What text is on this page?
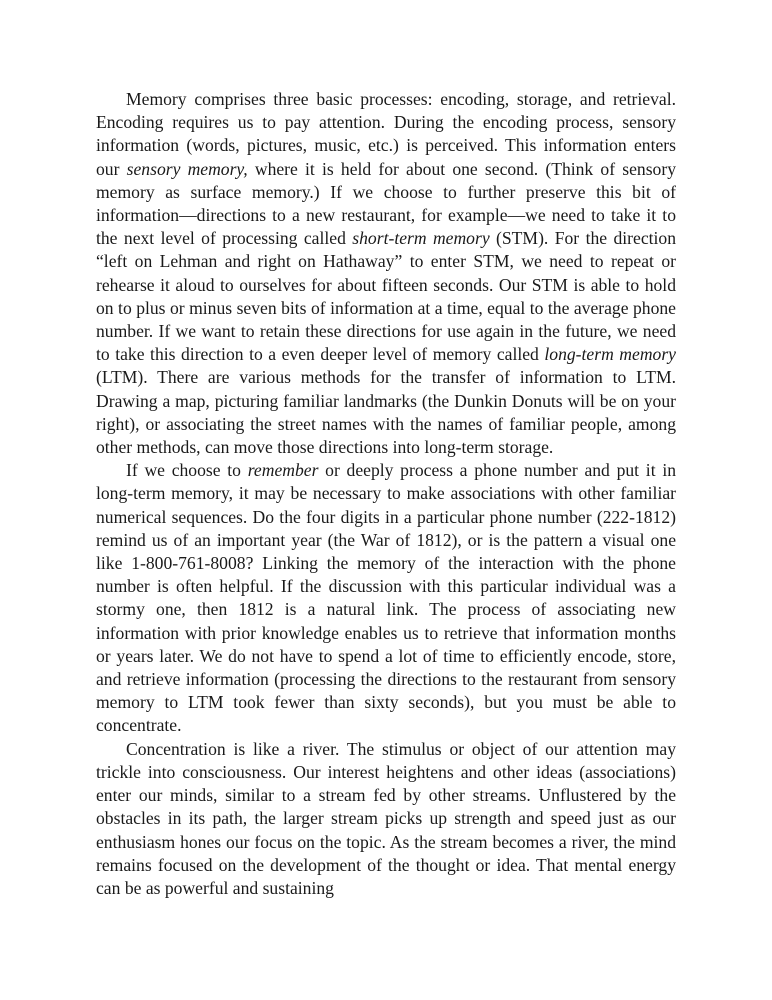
Memory comprises three basic processes: encoding, storage, and retrieval. Encoding requires us to pay attention. During the encoding process, sensory information (words, pictures, music, etc.) is perceived. This information enters our sensory memory, where it is held for about one second. (Think of sensory memory as surface memory.) If we choose to further preserve this bit of information—directions to a new restaurant, for example—we need to take it to the next level of processing called short-term memory (STM). For the direction “left on Lehman and right on Hathaway” to enter STM, we need to repeat or rehearse it aloud to ourselves for about fifteen seconds. Our STM is able to hold on to plus or minus seven bits of information at a time, equal to the average phone number. If we want to retain these directions for use again in the future, we need to take this direction to a even deeper level of memory called long-term memory (LTM). There are various methods for the transfer of information to LTM. Drawing a map, picturing familiar landmarks (the Dunkin Donuts will be on your right), or associating the street names with the names of familiar people, among other methods, can move those directions into long-term storage.

If we choose to remember or deeply process a phone number and put it in long-term memory, it may be necessary to make associations with other familiar numerical sequences. Do the four digits in a particular phone number (222-1812) remind us of an important year (the War of 1812), or is the pattern a visual one like 1-800-761-8008? Linking the memory of the interaction with the phone number is often helpful. If the discussion with this particular individual was a stormy one, then 1812 is a natural link. The process of associating new information with prior knowledge enables us to retrieve that information months or years later. We do not have to spend a lot of time to efficiently encode, store, and retrieve information (processing the directions to the restaurant from sensory memory to LTM took fewer than sixty seconds), but you must be able to concentrate.

Concentration is like a river. The stimulus or object of our attention may trickle into consciousness. Our interest heightens and other ideas (associations) enter our minds, similar to a stream fed by other streams. Unflustered by the obstacles in its path, the larger stream picks up strength and speed just as our enthusiasm hones our focus on the topic. As the stream becomes a river, the mind remains focused on the development of the thought or idea. That mental energy can be as powerful and sustaining
